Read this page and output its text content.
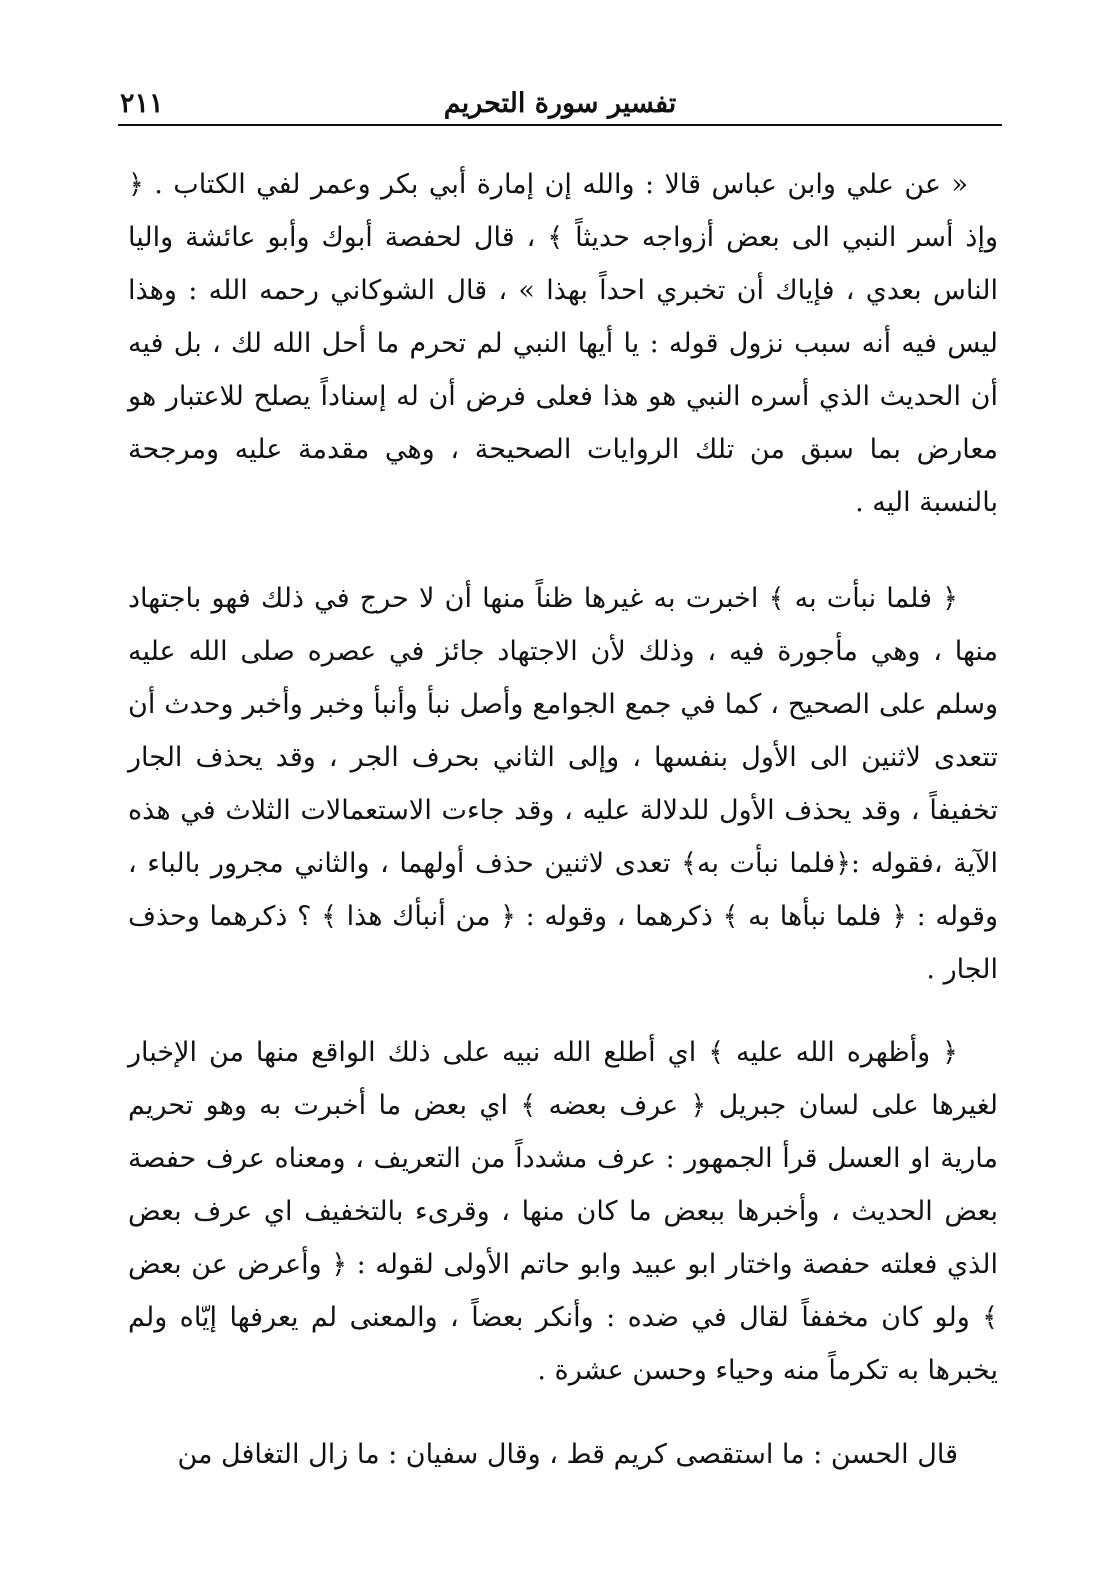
تفسير سورة التحريم
٢١١

« عن علي وابن عباس قالا : والله إن إمارة أبي بكر وعمر لفي الكتاب . ﴿ وإذ أسر النبي الى بعض أزواجه حديثاً ﴾ ، قال لحفصة أبوك وأبو عائشة واليا الناس بعدي ، فإياك أن تخبري احداً بهذا » ، قال الشوكاني رحمه الله : وهذا ليس فيه أنه سبب نزول قوله : يا أيها النبي لم تحرم ما أحل الله لك ، بل فيه أن الحديث الذي أسره النبي هو هذا فعلى فرض أن له إسناداً يصلح للاعتبار هو معارض بما سبق من تلك الروايات الصحيحة ، وهي مقدمة عليه ومرجحة بالنسبة اليه .

﴿ فلما نبأت به ﴾ اخبرت به غيرها ظناً منها أن لا حرج في ذلك فهو باجتهاد منها ، وهي مأجورة فيه ، وذلك لأن الاجتهاد جائز في عصره صلى الله عليه وسلم على الصحيح ، كما في جمع الجوامع وأصل نبأ وأنبأ وخبر وأخبر وحدث أن تتعدى لاثنين الى الأول بنفسها ، وإلى الثاني بحرف الجر ، وقد يحذف الجار تخفيفاً ، وقد يحذف الأول للدلالة عليه ، وقد جاءت الاستعمالات الثلاث في هذه الآية ،فقوله :﴿فلما نبأت به﴾ تعدى لاثنين حذف أولهما ، والثاني مجرور بالباء ، وقوله : ﴿ فلما نبأها به ﴾ ذكرهما ، وقوله : ﴿ من أنبأك هذا ﴾ ؟ ذكرهما وحذف الجار .

﴿ وأظهره الله عليه ﴾ اي أطلع الله نبيه على ذلك الواقع منها من الإخبار لغيرها على لسان جبريل ﴿ عرف بعضه ﴾ اي بعض ما أخبرت به وهو تحريم مارية او العسل قرأ الجمهور : عرف مشدداً من التعريف ، ومعناه عرف حفصة بعض الحديث ، وأخبرها ببعض ما كان منها ، وقرىء بالتخفيف اي عرف بعض الذي فعلته حفصة واختار ابو عبيد وابو حاتم الأولى لقوله : ﴿ وأعرض عن بعض ﴾ ولو كان مخففاً لقال في ضده : وأنكر بعضاً ، والمعنى لم يعرفها إيّاه ولم يخبرها به تكرماً منه وحياء وحسن عشرة .

قال الحسن : ما استقصى كريم قط ، وقال سفيان : ما زال التغافل من
